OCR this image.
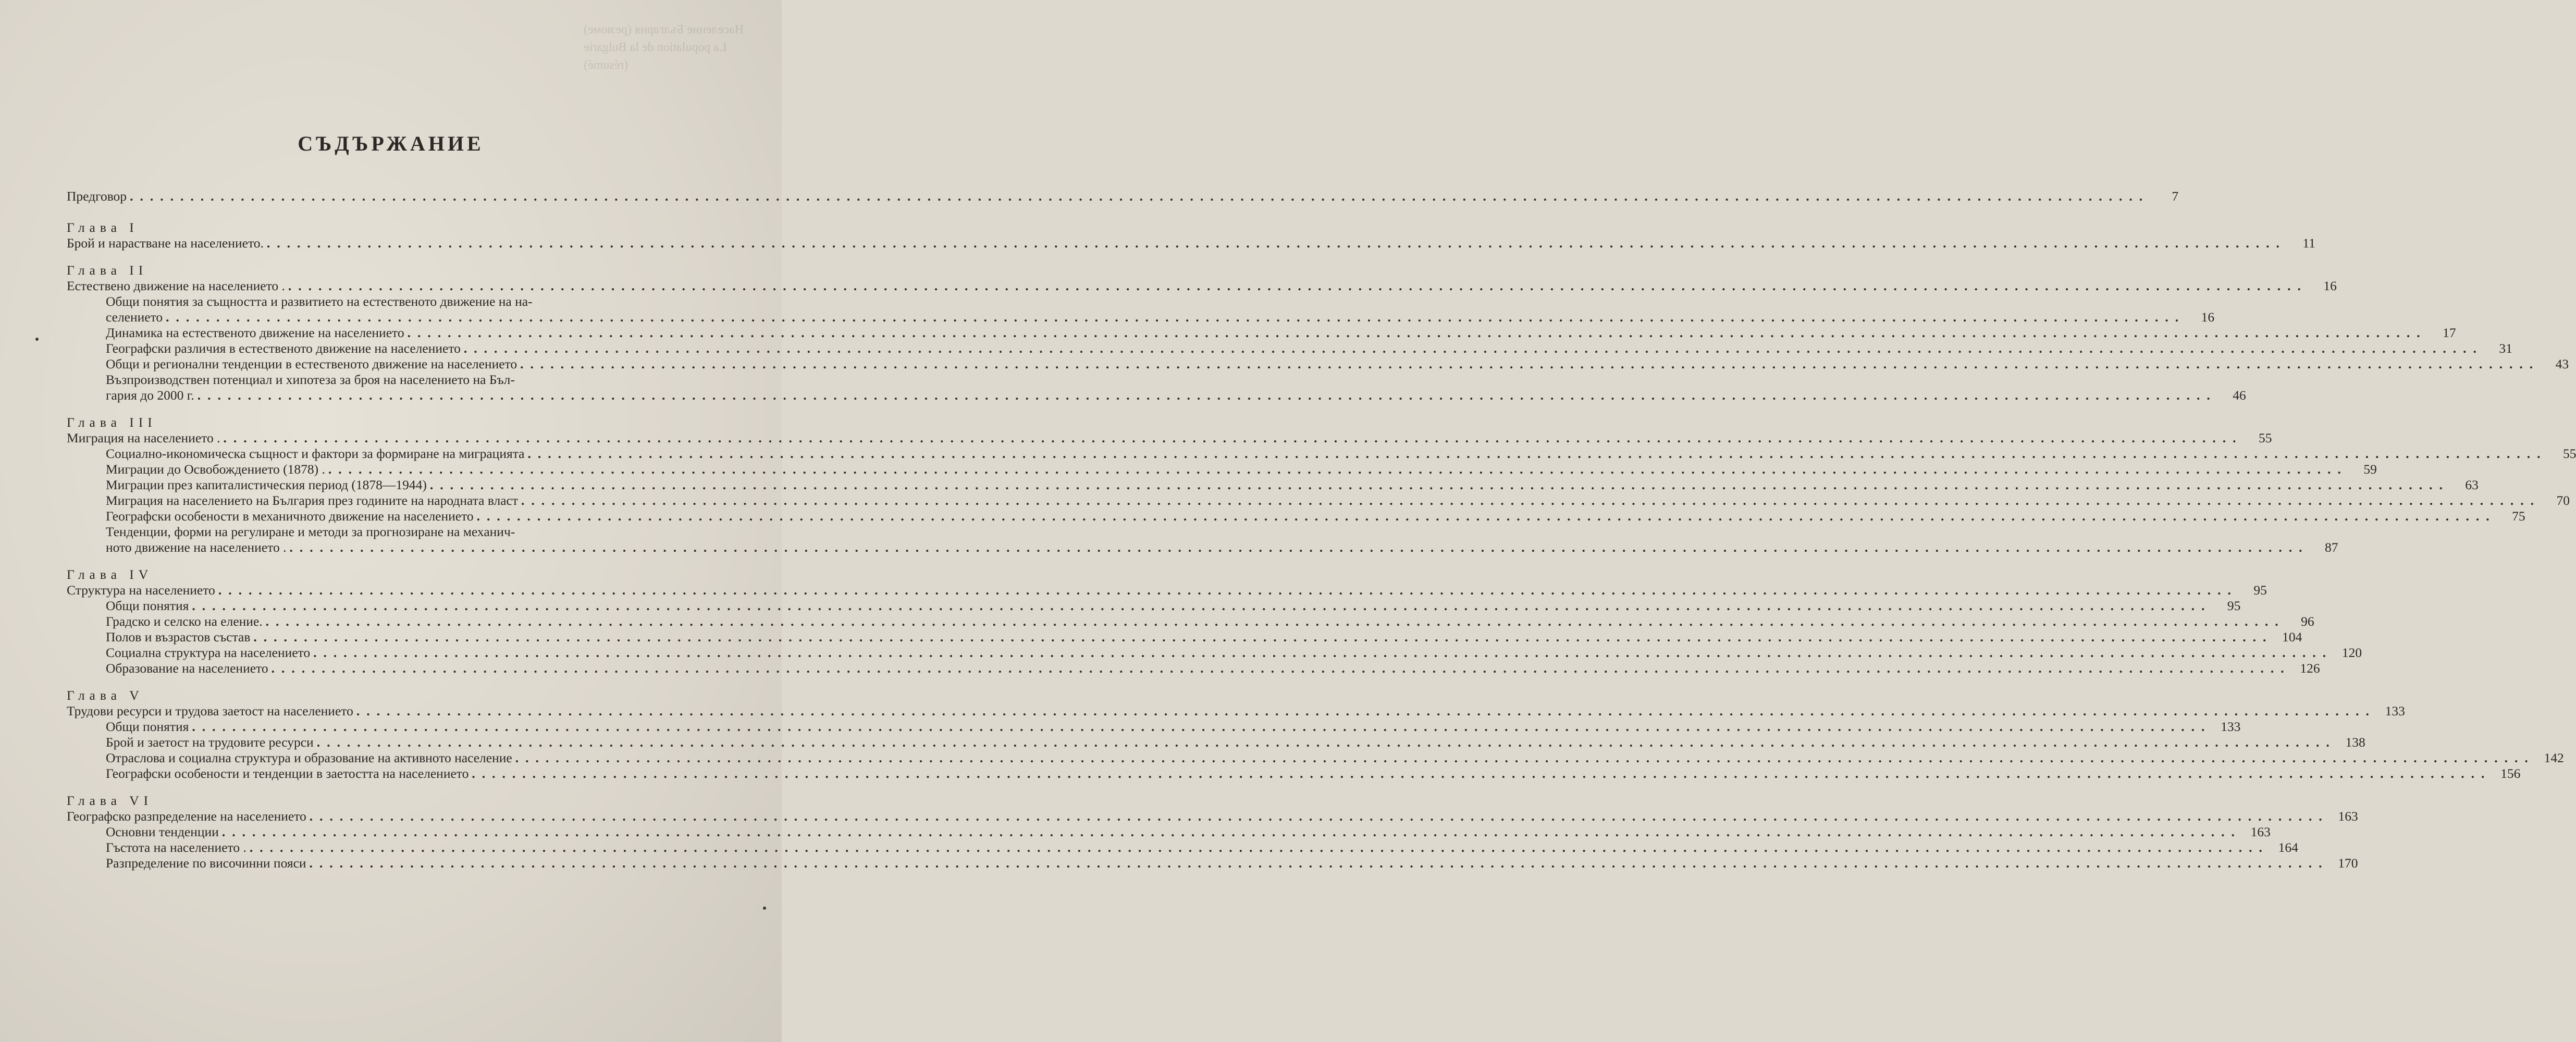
Население България (резюме)
La population de la Bulgarie (résumé)
СЪДЪРЖАНИЕ
Предговор ........................................................................................................................................................................................................	7
Глава I
Брой и нарастване на населението. ........................................................................................................................................................................................................	11
Глава II
Естествено движение на населението . ........................................................................................................................................................................................................	16
Общи понятия за същността и развитието на естественото движение на на-
селението ........................................................................................................................................................................................................	16
Динамика на естественото движение на населението ........................................................................................................................................................................................................	17
Географски различия в естественото движение на населението ........................................................................................................................................................................................................	31
Общи и регионални тенденции в естественото движение на населението ........................................................................................................................................................................................................	43
Възпроизводствен потенциал и хипотеза за броя на населението на Бъл-
гария до 2000 г. ........................................................................................................................................................................................................	46
Глава III
Миграция на населението . ........................................................................................................................................................................................................	55
Социално-икономическа същност и фактори за формиране на миграцията ........................................................................................................................................................................................................	55
Миграции до Освобождението (1878) . ........................................................................................................................................................................................................	59
Миграции през капиталистическия период (1878—1944) ........................................................................................................................................................................................................	63
Миграция на населението на България през годините на народната власт ........................................................................................................................................................................................................	70
Географски особености в механичното движение на населението ........................................................................................................................................................................................................	75
Тенденции, форми на регулиране и методи за прогнозиране на механич-
ното движение на населението . ........................................................................................................................................................................................................	87
Глава IV
Структура на населението ........................................................................................................................................................................................................	95
Общи понятия ........................................................................................................................................................................................................	95
Градско и селско на еление. ........................................................................................................................................................................................................	96
Полов и възрастов състав ........................................................................................................................................................................................................ 104
Социална структура на населението ........................................................................................................................................................................................................ 120
Образование на населението ........................................................................................................................................................................................................ 126
Глава V
Трудови ресурси и трудова заетост на населението ........................................................................................................................................................................................................ 133
Общи понятия ........................................................................................................................................................................................................ 133
Брой и заетост на трудовите ресурси ........................................................................................................................................................................................................ 138
Отраслова и социална структура и образование на активното население ........................................................................................................................................................................................................ 142
Географски особености и тенденции в заетостта на населението ........................................................................................................................................................................................................ 156
Глава VI
Географско разпределение на населението ........................................................................................................................................................................................................ 163
Основни тенденции ........................................................................................................................................................................................................ 163
Гъстота на населението . ........................................................................................................................................................................................................ 164
Разпределение по височинни пояси ........................................................................................................................................................................................................ 170
